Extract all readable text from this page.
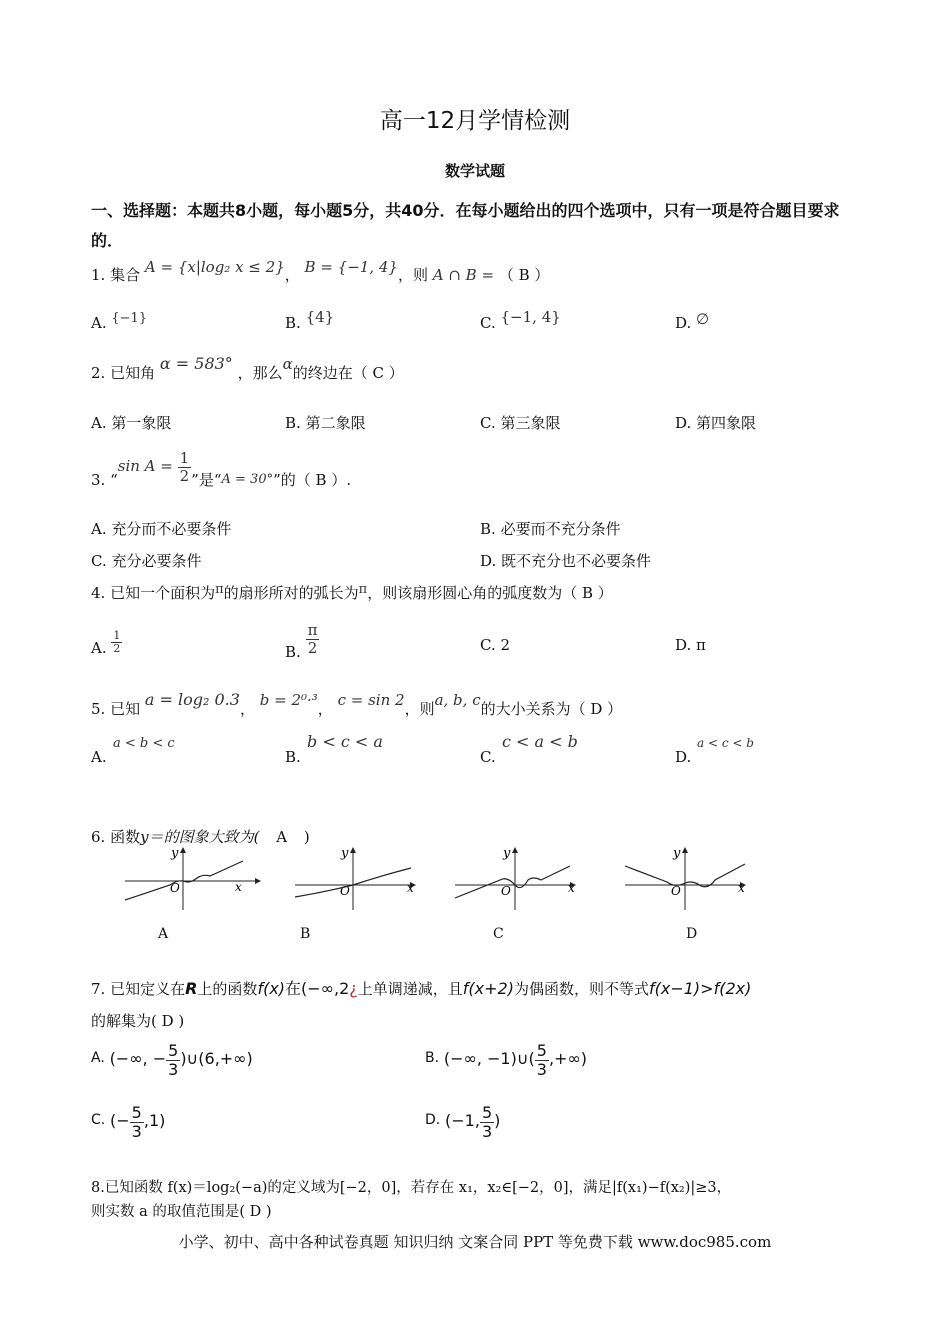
高一12月学情检测
数学试题
一、选择题：本题共8小题，每小题5分，共40分．在每小题给出的四个选项中，只有一项是符合题目要求的．
1. 集合 A = {x|log₂ x ≤ 2}， B = {−1, 4}，则 A ∩ B = （ B ）
A. {−1}	B. {4}	C. {−1, 4}	D. ∅
2. 已知角 α = 583° ，那么α的终边在（ C ）
A. 第一象限	B. 第二象限	C. 第三象限	D. 第四象限
3. “sin $A = \frac{1}{2}$ ”是“A = 30°”的（ B ）.
A. 充分而不必要条件	B. 必要而不充分条件
C. 充分必要条件	D. 既不充分也不必要条件
4. 已知一个面积为π的扇形所对的弧长为π，则该扇形圆心角的弧度数为（ B ）
A. $\frac{1}{2}$	B. $\frac{\pi}{2}$	C. 2	D. π
5. 已知 a = log₂ 0.3， b = 2⁰·³， c = sin 2，则a, b, c的大小关系为（ D ）
a < b < c
A.
b < c < a
B.
c < a < b
C.
a < c < b
D.
6. 函数y＝的图象大致为( A )
y
x
O
y
x
O
y
x
O
y
x
O
A	B	C	D
7. 已知定义在R上的函数f(x)在(−∞,2¿上单调递减，且f(x+2)为偶函数，则不等式f(x−1)>f(2x)
的解集为( D )
A. (−∞, − $\frac{5}{3}$ )∪(6,+∞)	B. (−∞, −1)∪( $\frac{5}{3}$ ,+∞)
C. (− $\frac{5}{3} ,1$)	D. (−1, $\frac{5}{3}$ )
8.已知函数 f(x)＝log₂(−a)的定义域为[−2，0]，若存在 x₁，x₂∈[−2，0]，满足|f(x₁)−f(x₂)|≥3，
则实数 a 的取值范围是( D )
小学、初中、高中各种试卷真题 知识归纳 文案合同 PPT 等免费下载 www.doc985.com
